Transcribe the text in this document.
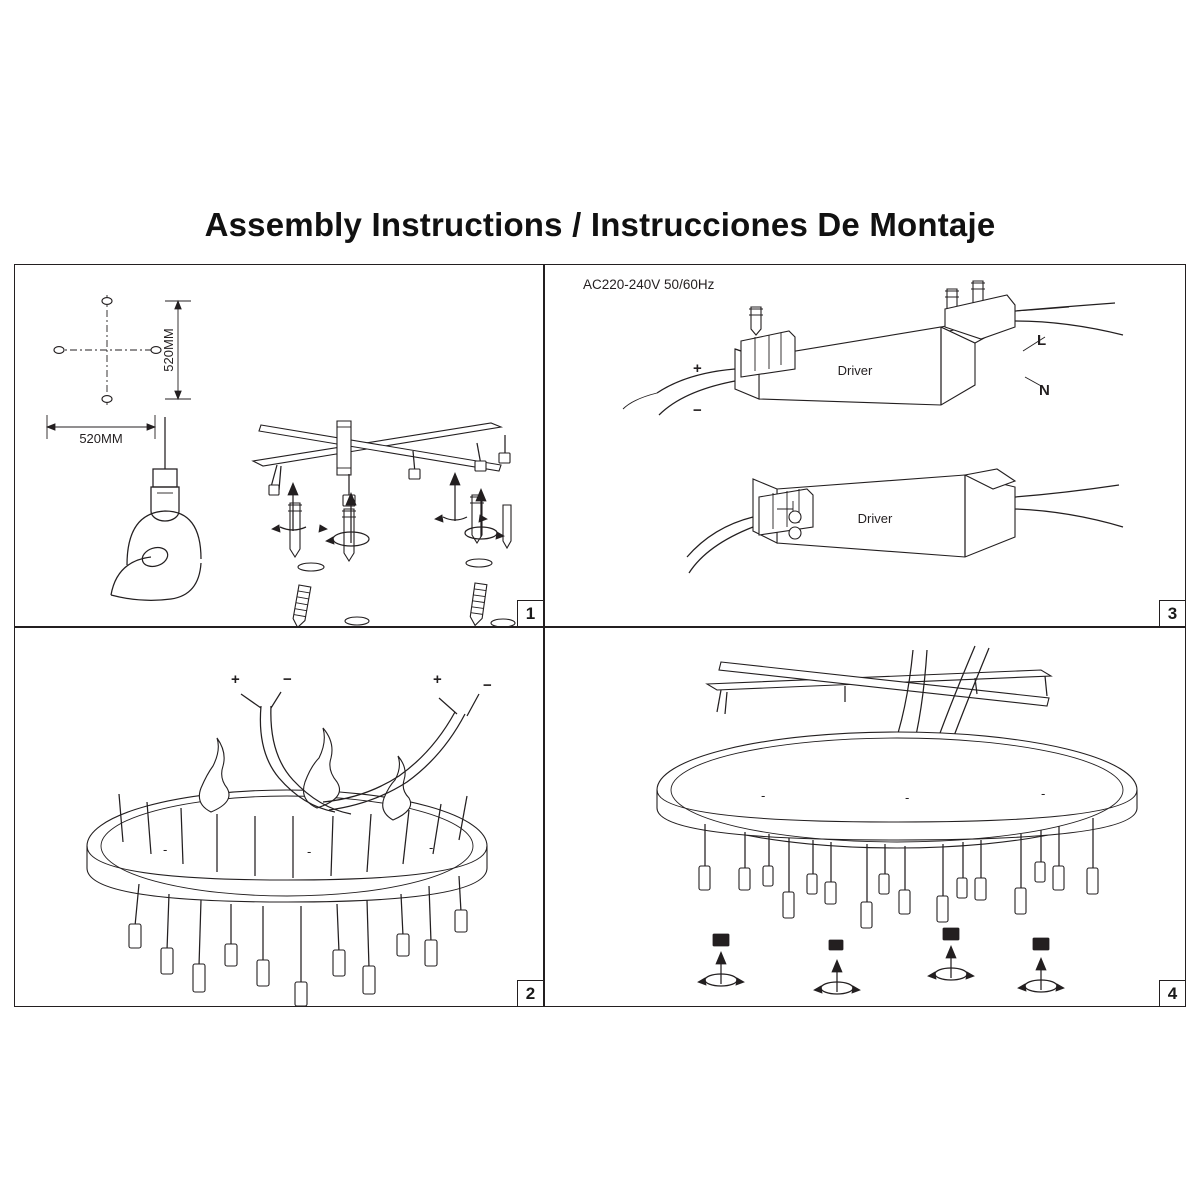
Assembly Instructions / Instrucciones De Montaje
520MM
520MM
1
AC220-240V 50/60Hz
Driver
L
N
+
−
Driver
3
+	−	+	−
-	-	-
2
-	-	-
4
